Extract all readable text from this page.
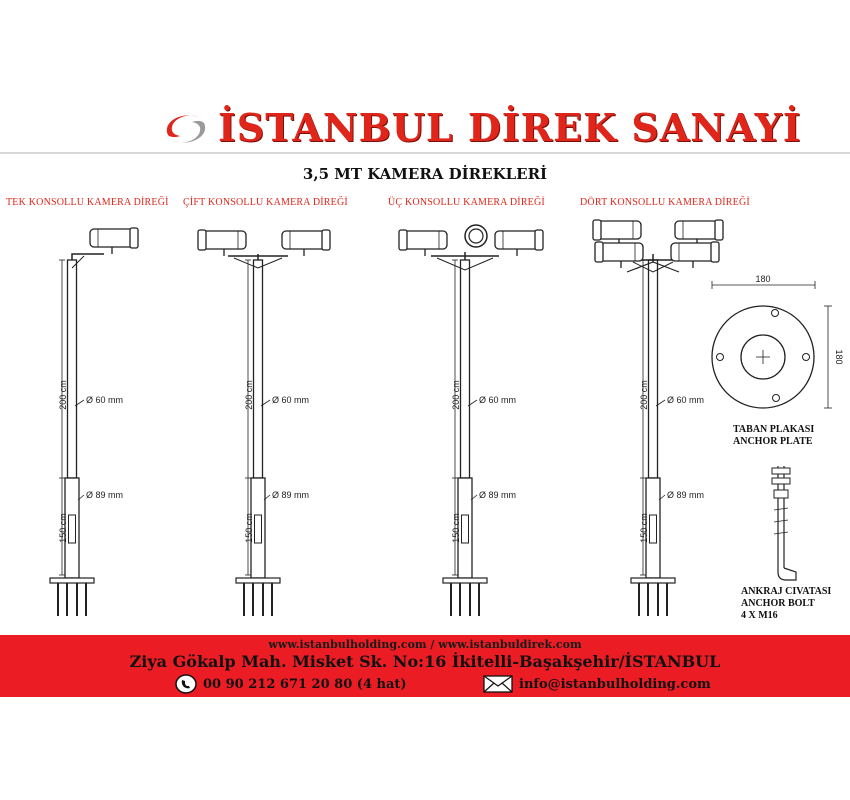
İSTANBUL DİREK SANAYİ
3,5 MT KAMERA DİREKLERİ
TEK KONSOLLU KAMERA DİREĞİ ÇİFT KONSOLLU KAMERA DİREĞİ	ÜÇ KONSOLLU KAMERA DİREĞİ	DÖRT KONSOLLU KAMERA DİREĞİ
200 cm
150 cm
Ø 60 mm
Ø 89 mm
200 cm
150 cm
Ø 60 mm
Ø 89 mm
200 cm
150 cm
Ø 60 mm
Ø 89 mm
200 cm
150 cm
Ø 60 mm
Ø 89 mm
180
180
TABAN PLAKASI
ANCHOR PLATE
ANKRAJ CIVATASI
ANCHOR BOLT
4 X M16
www.istanbulholding.com / www.istanbuldirek.com
Ziya Gökalp Mah. Misket Sk. No:16 İkitelli-Başakşehir/İSTANBUL
00 90 212 671 20 80 (4 hat)	info@istanbulholding.com
